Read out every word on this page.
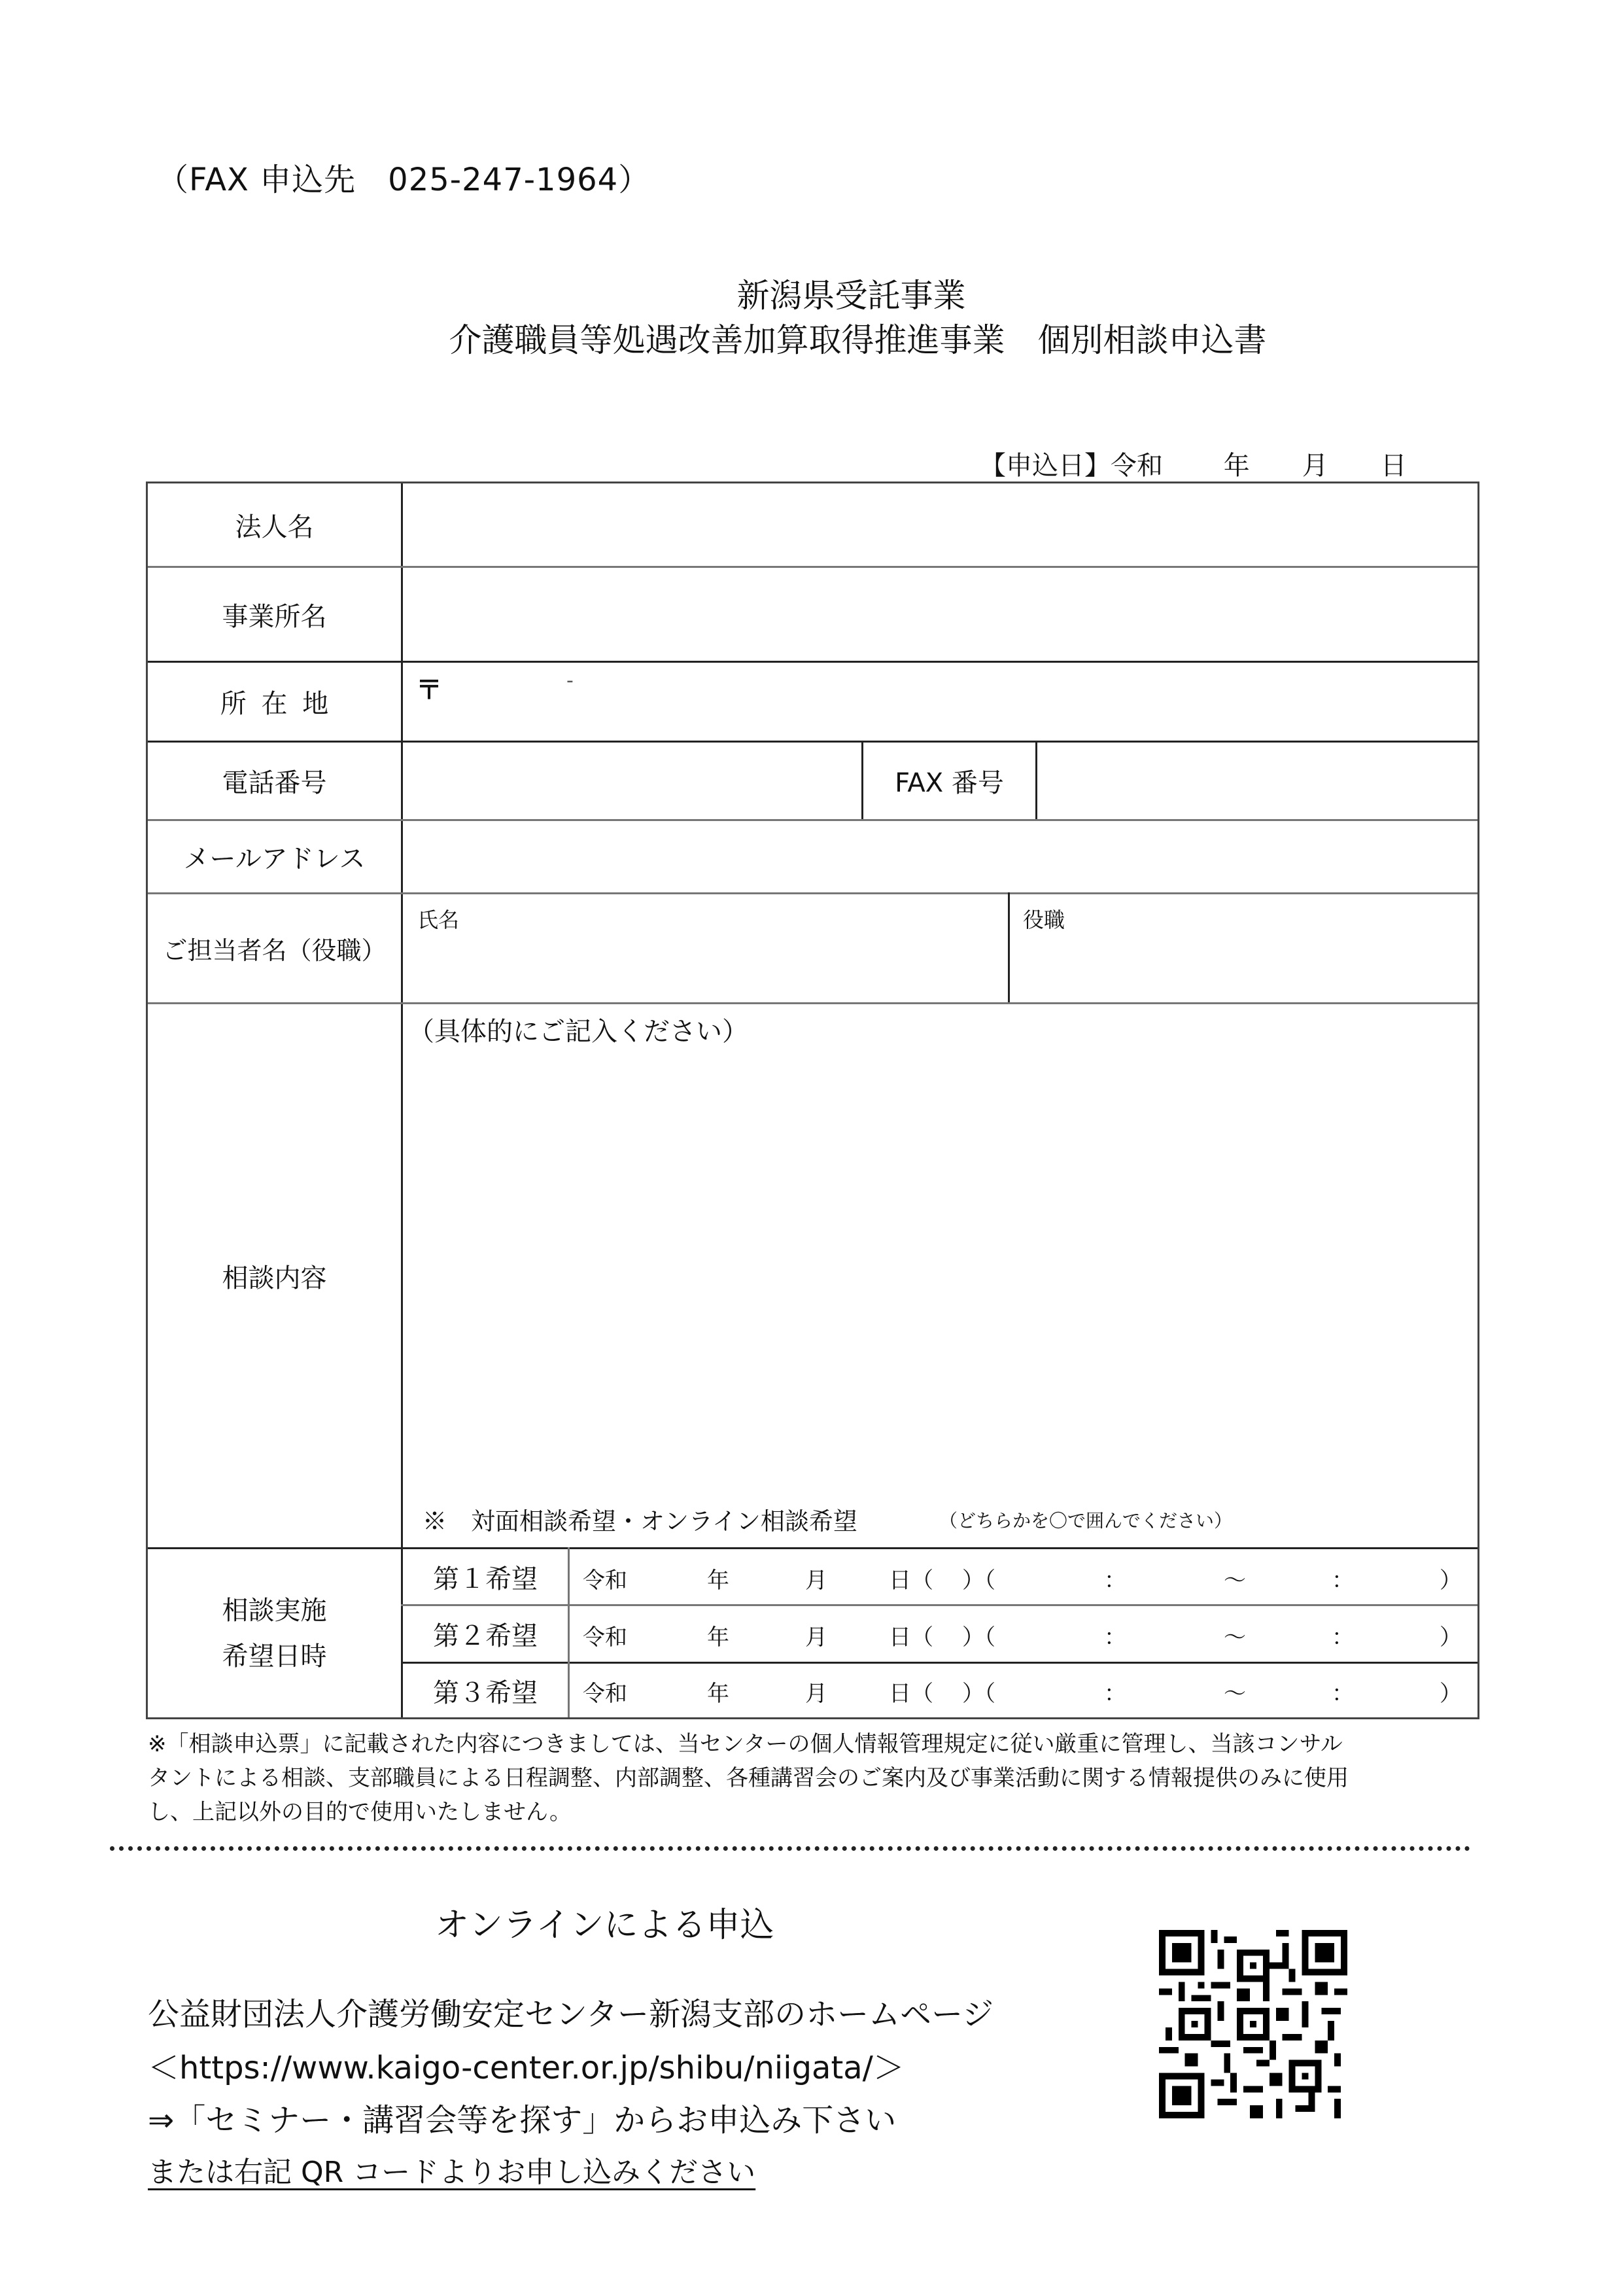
（FAX 申込先　025-247-1964）
新潟県受託事業
介護職員等処遇改善加算取得推進事業　個別相談申込書
【申込日】令和　　 年　　月　　日
法人名
事業所名
所 在 地	〒	-
電話番号	FAX 番号
メールアドレス
ご担当者名（役職）
氏名	役職
相談内容
（具体的にご記入ください）
※　対面相談希望・オンライン相談希望	（どちらかを〇で囲んでください）
相談実施
希望日時
第１希望	令和	年	月	日（ ）（	：	～	：	）
第２希望	令和	年	月	日（ ）（	：	～	：	）
第３希望	令和	年	月	日（ ）（	：	～	：	）
※「相談申込票」に記載された内容につきましては、当センターの個人情報管理規定に従い厳重に管理し、当該コンサル
タントによる相談、支部職員による日程調整、内部調整、各種講習会のご案内及び事業活動に関する情報提供のみに使用
し、上記以外の目的で使用いたしません。
オンラインによる申込
公益財団法人介護労働安定センター新潟支部のホームページ
＜https://www.kaigo-center.or.jp/shibu/niigata/＞
⇒「セミナー・講習会等を探す」からお申込み下さい
または右記 QR コードよりお申し込みください
